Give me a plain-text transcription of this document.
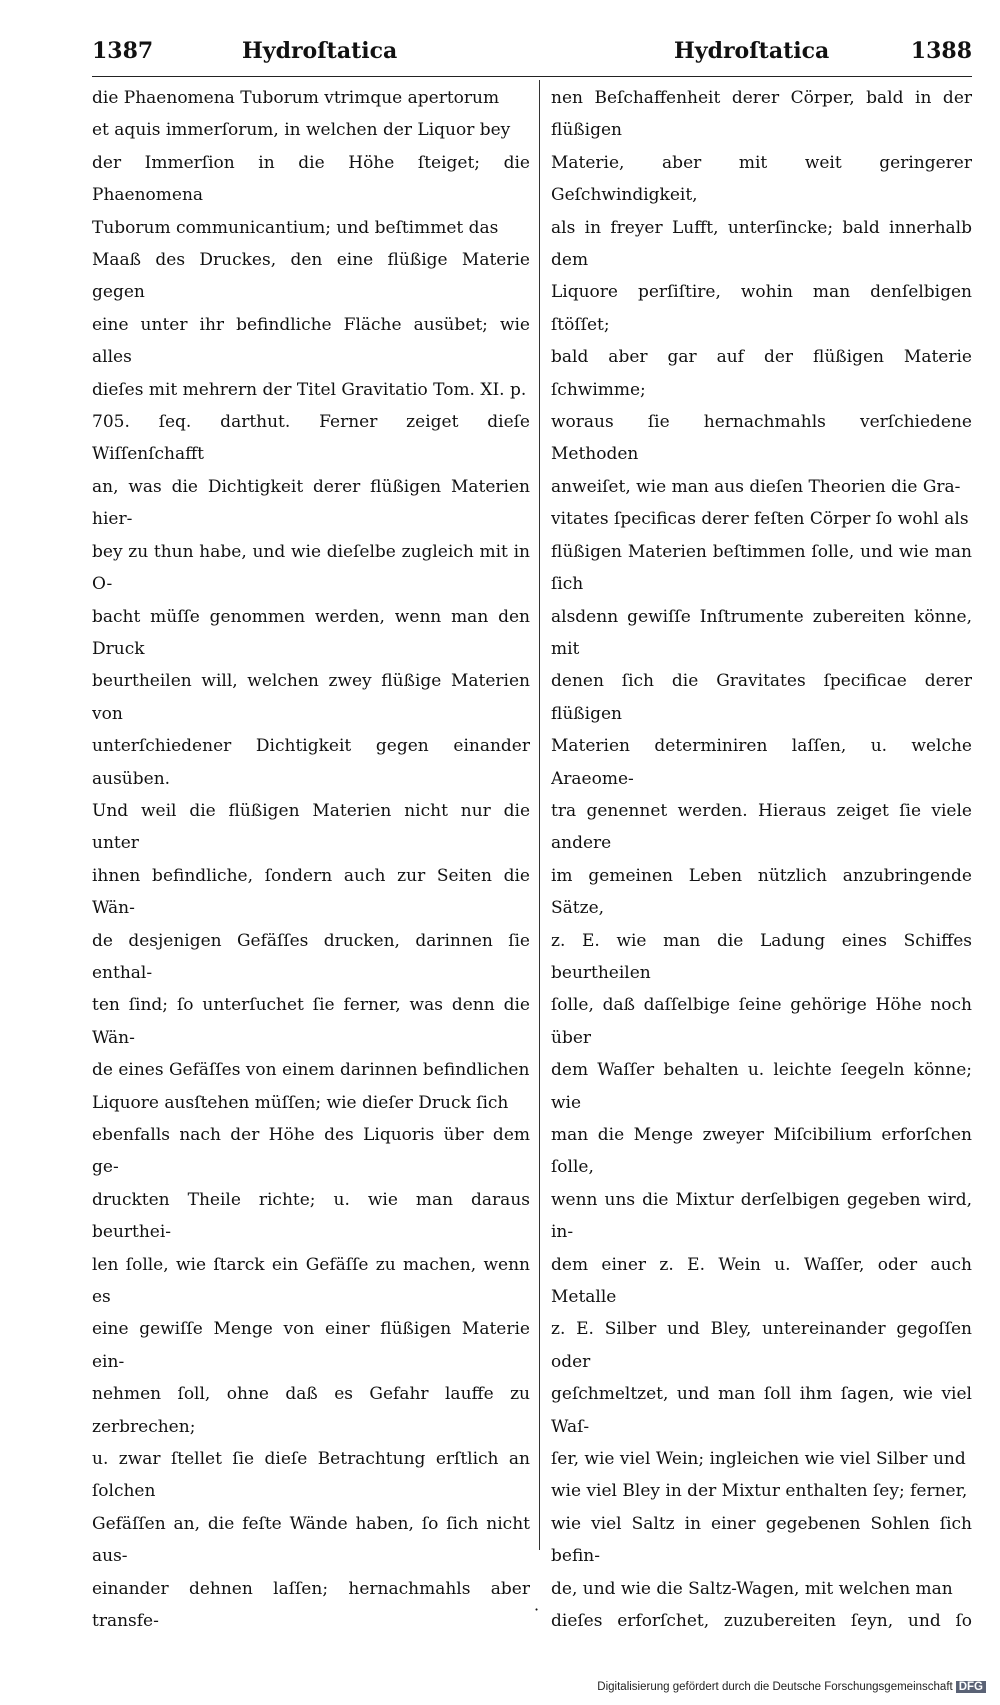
1387	Hydroſtatica	Hydroſtatica	1388

die Phaenomena Tuborum vtrimque apertorum
et aquis immerſorum, in welchen der Liquor bey
der Immerſion in die Höhe ſteiget; die Phaenomena
Tuborum communicantium; und beſtimmet das
Maaß des Druckes, den eine flüßige Materie gegen
eine unter ihr befindliche Fläche ausübet; wie alles
dieſes mit mehrern der Titel Gravitatio Tom. XI. p.
705. ſeq. darthut. Ferner zeiget dieſe Wiſſenſchafft
an, was die Dichtigkeit derer flüßigen Materien hier-
bey zu thun habe, und wie dieſelbe zugleich mit in O-
bacht müſſe genommen werden, wenn man den Druck
beurtheilen will, welchen zwey flüßige Materien von
unterſchiedener Dichtigkeit gegen einander ausüben.
Und weil die flüßigen Materien nicht nur die unter
ihnen befindliche, ſondern auch zur Seiten die Wän-
de desjenigen Gefäſſes drucken, darinnen ſie enthal-
ten ſind; ſo unterſuchet ſie ferner, was denn die Wän-
de eines Gefäſſes von einem darinnen befindlichen
Liquore ausſtehen müſſen; wie dieſer Druck ſich
ebenfalls nach der Höhe des Liquoris über dem ge-
druckten Theile richte; u. wie man daraus beurthei-
len ſolle, wie ſtarck ein Gefäſſe zu machen, wenn es
eine gewiſſe Menge von einer flüßigen Materie ein-
nehmen ſoll, ohne daß es Gefahr lauffe zu zerbrechen;
u. zwar ſtellet ſie dieſe Betrachtung erſtlich an ſolchen
Gefäſſen an, die feſte Wände haben, ſo ſich nicht aus-
einander dehnen laſſen; hernachmahls aber transfe-

nen Beſchaffenheit derer Cörper, bald in der flüßigen
Materie, aber mit weit geringerer Geſchwindigkeit,
als in freyer Lufft, unterſincke; bald innerhalb dem
Liquore perſiſtire, wohin man denſelbigen ſtöſſet;
bald aber gar auf der flüßigen Materie ſchwimme;
woraus ſie hernachmahls verſchiedene Methoden
anweiſet, wie man aus dieſen Theorien die Gra-
vitates ſpecificas derer feſten Cörper ſo wohl als
flüßigen Materien beſtimmen ſolle, und wie man ſich
alsdenn gewiſſe Inſtrumente zubereiten könne, mit
denen ſich die Gravitates ſpecificae derer flüßigen
Materien determiniren laſſen, u. welche Araeome-
tra genennet werden. Hieraus zeiget ſie viele andere
im gemeinen Leben nützlich anzubringende Sätze,
z. E. wie man die Ladung eines Schiffes beurtheilen
ſolle, daß daſſelbige ſeine gehörige Höhe noch über
dem Waſſer behalten u. leichte ſeegeln könne; wie
man die Menge zweyer Miſcibilium erforſchen ſolle,
wenn uns die Mixtur derſelbigen gegeben wird, in-
dem einer z. E. Wein u. Waſſer, oder auch Metalle
z. E. Silber und Bley, untereinander gegoſſen oder
geſchmeltzet, und man ſoll ihm ſagen, wie viel Waſ-
ſer, wie viel Wein; ingleichen wie viel Silber und
wie viel Bley in der Mixtur enthalten ſey; ferner,
wie viel Saltz in einer gegebenen Sohlen ſich befin-
de, und wie die Saltz-Wagen, mit welchen man
dieſes erforſchet, zuzubereiten ſeyn, und ſo

·
Digitalisierung gefördert durch die Deutsche Forschungsgemeinschaft DFG
